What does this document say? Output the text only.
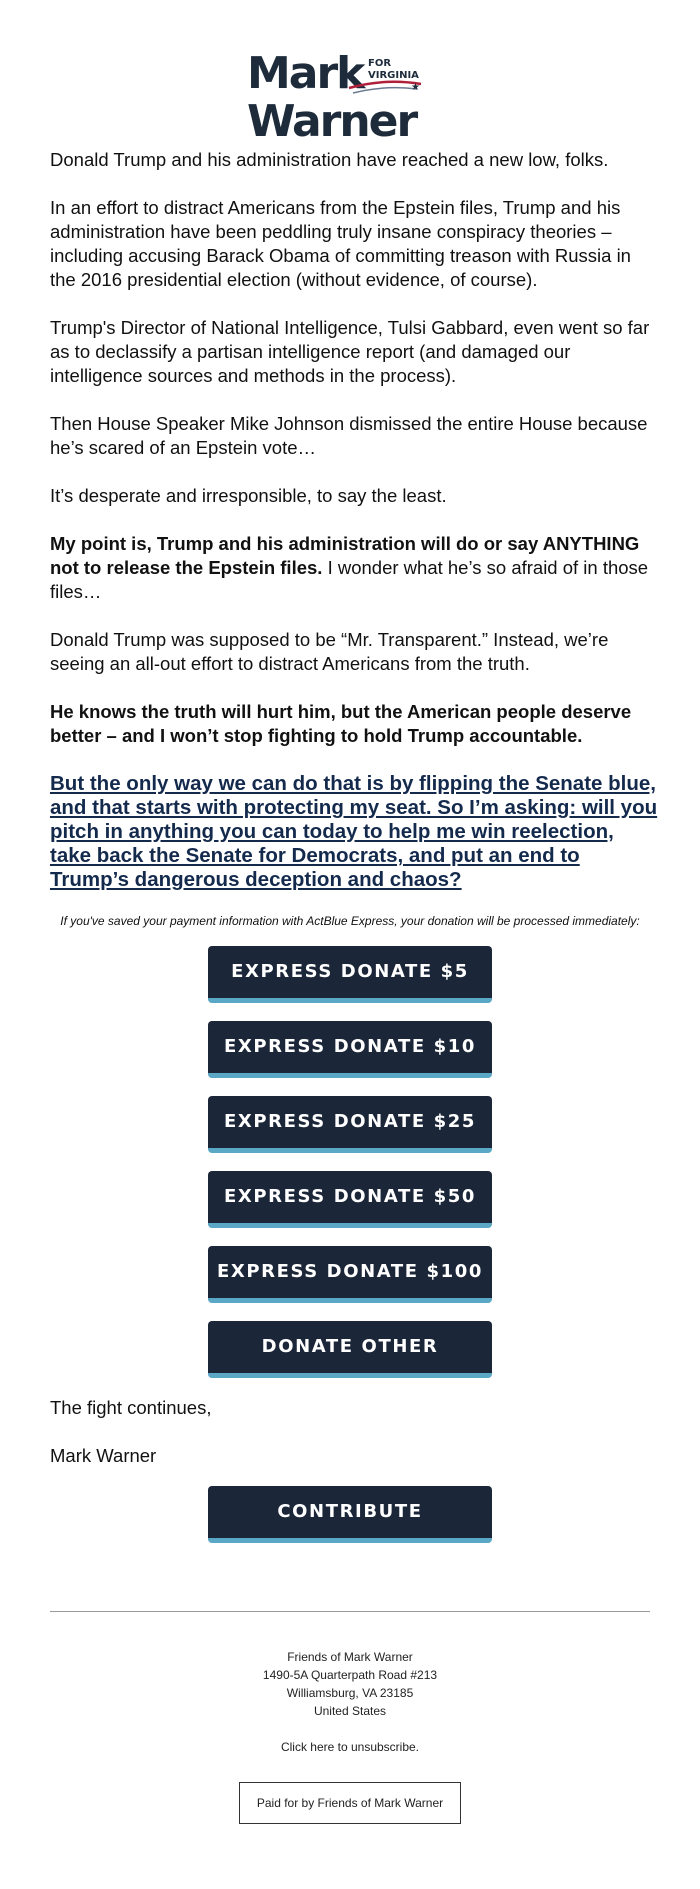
Mark FOR
VIRGINIA
★
Warner

Donald Trump and his administration have reached a new low, folks.

In an effort to distract Americans from the Epstein files, Trump and his administration have been peddling truly insane conspiracy theories – including accusing Barack Obama of committing treason with Russia in the 2016 presidential election (without evidence, of course).

Trump's Director of National Intelligence, Tulsi Gabbard, even went so far as to declassify a partisan intelligence report (and damaged our intelligence sources and methods in the process).

Then House Speaker Mike Johnson dismissed the entire House because he’s scared of an Epstein vote…

It’s desperate and irresponsible, to say the least.

My point is, Trump and his administration will do or say ANYTHING not to release the Epstein files. I wonder what he’s so afraid of in those files…

Donald Trump was supposed to be “Mr. Transparent.” Instead, we’re seeing an all-out effort to distract Americans from the truth.

He knows the truth will hurt him, but the American people deserve better – and I won’t stop fighting to hold Trump accountable.

But the only way we can do that is by flipping the Senate blue, and that starts with protecting my seat. So I’m asking: will you pitch in anything you can today to help me win reelection, take back the Senate for Democrats, and put an end to Trump’s dangerous deception and chaos?
If you've saved your payment information with ActBlue Express, your donation will be processed immediately:
EXPRESS DONATE $5
EXPRESS DONATE $10
EXPRESS DONATE $25
EXPRESS DONATE $50
EXPRESS DONATE $100
DONATE OTHER
The fight continues,
Mark Warner
CONTRIBUTE
Friends of Mark Warner
1490-5A Quarterpath Road #213
Williamsburg, VA 23185
United States
Click here to unsubscribe.
Paid for by Friends of Mark Warner
